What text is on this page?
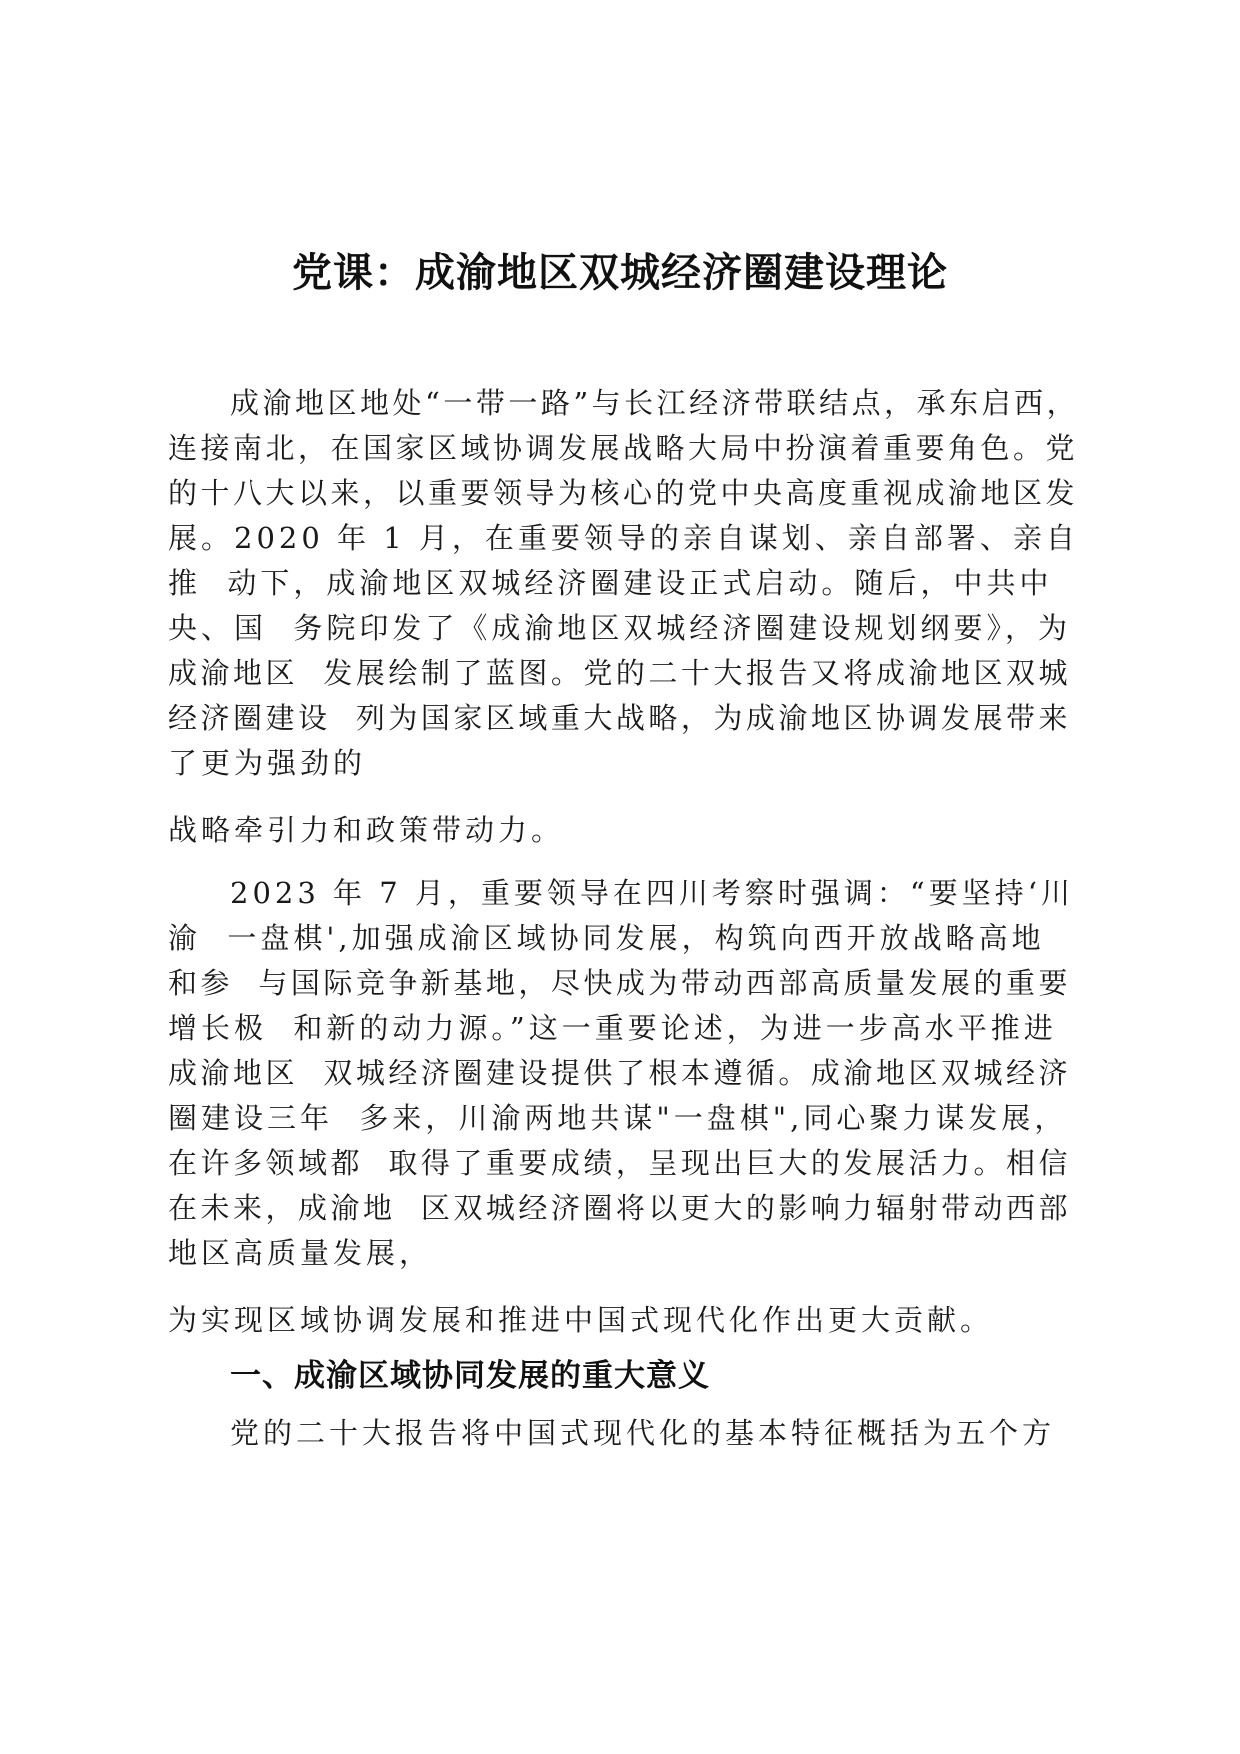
党课：成渝地区双城经济圈建设理论
成渝地区地处“一带一路”与长江经济带联结点，承东启西，
连接南北，在国家区域协调发展战略大局中扮演着重要角色。党
的十八大以来，以重要领导为核心的党中央高度重视成渝地区发
展。2020 年 1 月，在重要领导的亲自谋划、亲自部署、亲自
推  动下，成渝地区双城经济圈建设正式启动。随后，中共中
央、国  务院印发了《成渝地区双城经济圈建设规划纲要》，为
成渝地区  发展绘制了蓝图。党的二十大报告又将成渝地区双城
经济圈建设  列为国家区域重大战略，为成渝地区协调发展带来
了更为强劲的
战略牵引力和政策带动力。
2023 年 7 月，重要领导在四川考察时强调：“要坚持‘川
渝  一盘棋',加强成渝区域协同发展，构筑向西开放战略高地
和参  与国际竞争新基地，尽快成为带动西部高质量发展的重要
增长极  和新的动力源。”这一重要论述，为进一步高水平推进
成渝地区  双城经济圈建设提供了根本遵循。成渝地区双城经济
圈建设三年  多来，川渝两地共谋"一盘棋",同心聚力谋发展，
在许多领域都  取得了重要成绩，呈现出巨大的发展活力。相信
在未来，成渝地  区双城经济圈将以更大的影响力辐射带动西部
地区高质量发展，
为实现区域协调发展和推进中国式现代化作出更大贡献。
一、成渝区域协同发展的重大意义
党的二十大报告将中国式现代化的基本特征概括为五个方
